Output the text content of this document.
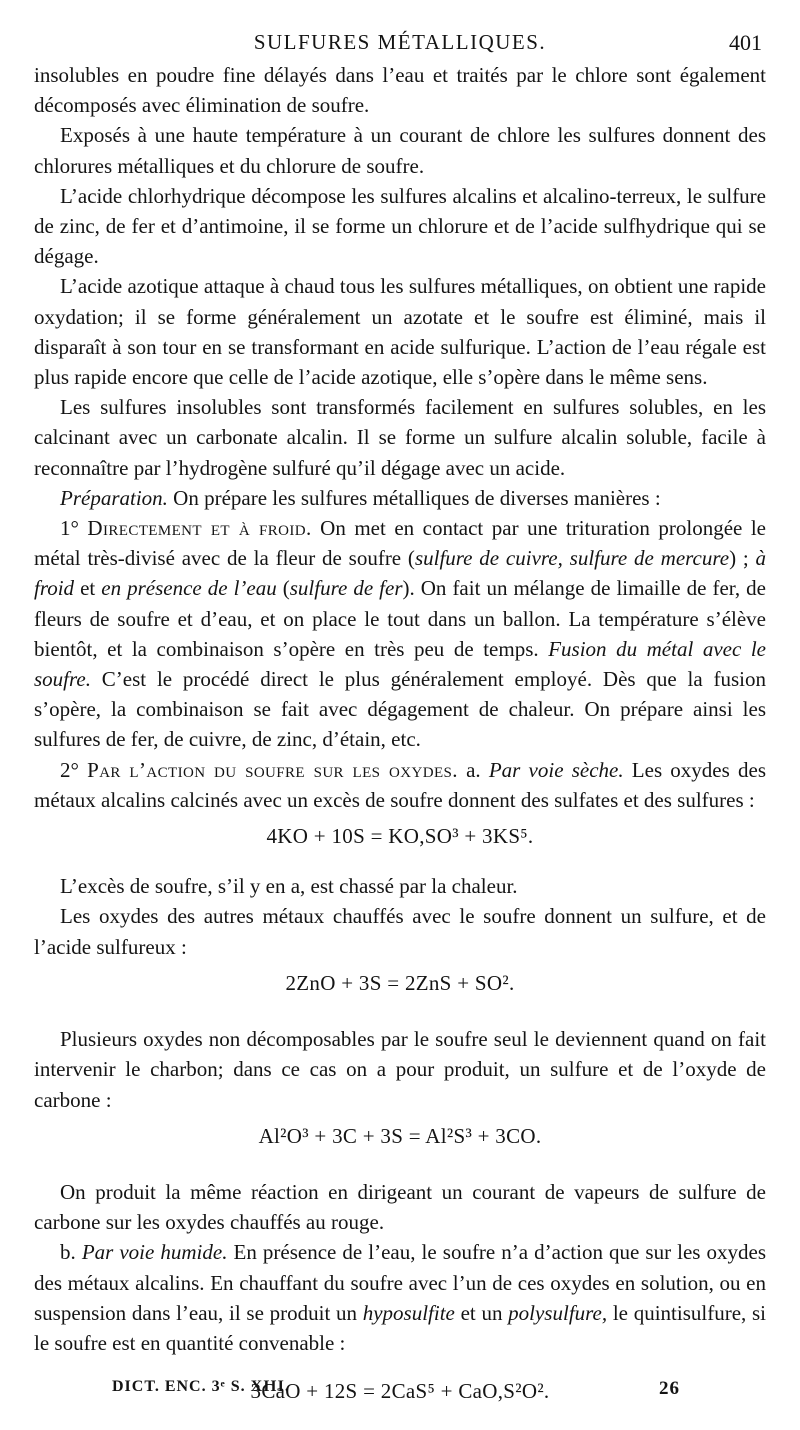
SULFURES MÉTALLIQUES.	401

insolubles en poudre fine délayés dans l’eau et traités par le chlore sont également décomposés avec élimination de soufre.

Exposés à une haute température à un courant de chlore les sulfures donnent des chlorures métalliques et du chlorure de soufre.

L’acide chlorhydrique décompose les sulfures alcalins et alcalino-terreux, le sulfure de zinc, de fer et d’antimoine, il se forme un chlorure et de l’acide sulfhydrique qui se dégage.

L’acide azotique attaque à chaud tous les sulfures métalliques, on obtient une rapide oxydation; il se forme généralement un azotate et le soufre est éliminé, mais il disparaît à son tour en se transformant en acide sulfurique. L’action de l’eau régale est plus rapide encore que celle de l’acide azotique, elle s’opère dans le même sens.

Les sulfures insolubles sont transformés facilement en sulfures solubles, en les calcinant avec un carbonate alcalin. Il se forme un sulfure alcalin soluble, facile à reconnaître par l’hydrogène sulfuré qu’il dégage avec un acide.

Préparation. On prépare les sulfures métalliques de diverses manières :

1° Directement et à froid. On met en contact par une trituration prolongée le métal très-divisé avec de la fleur de soufre (sulfure de cuivre, sulfure de mercure) ; à froid et en présence de l’eau (sulfure de fer). On fait un mélange de limaille de fer, de fleurs de soufre et d’eau, et on place le tout dans un ballon. La température s’élève bientôt, et la combinaison s’opère en très peu de temps. Fusion du métal avec le soufre. C’est le procédé direct le plus généralement employé. Dès que la fusion s’opère, la combinaison se fait avec dégagement de chaleur. On prépare ainsi les sulfures de fer, de cuivre, de zinc, d’étain, etc.

2° Par l’action du soufre sur les oxydes. a. Par voie sèche. Les oxydes des métaux alcalins calcinés avec un excès de soufre donnent des sulfates et des sulfures :

4KO + 10S = KO,SO³ + 3KS⁵.

L’excès de soufre, s’il y en a, est chassé par la chaleur.

Les oxydes des autres métaux chauffés avec le soufre donnent un sulfure, et de l’acide sulfureux :

2ZnO + 3S = 2ZnS + SO².

Plusieurs oxydes non décomposables par le soufre seul le deviennent quand on fait intervenir le charbon; dans ce cas on a pour produit, un sulfure et de l’oxyde de carbone :

Al²O³ + 3C + 3S = Al²S³ + 3CO.

On produit la même réaction en dirigeant un courant de vapeurs de sulfure de carbone sur les oxydes chauffés au rouge.

b. Par voie humide. En présence de l’eau, le soufre n’a d’action que sur les oxydes des métaux alcalins. En chauffant du soufre avec l’un de ces oxydes en solution, ou en suspension dans l’eau, il se produit un hyposulfite et un polysulfure, le quintisulfure, si le soufre est en quantité convenable :

3CaO + 12S = 2CaS⁵ + CaO,S²O².

DICT. ENC. 3ᵉ S. XIII.	26
